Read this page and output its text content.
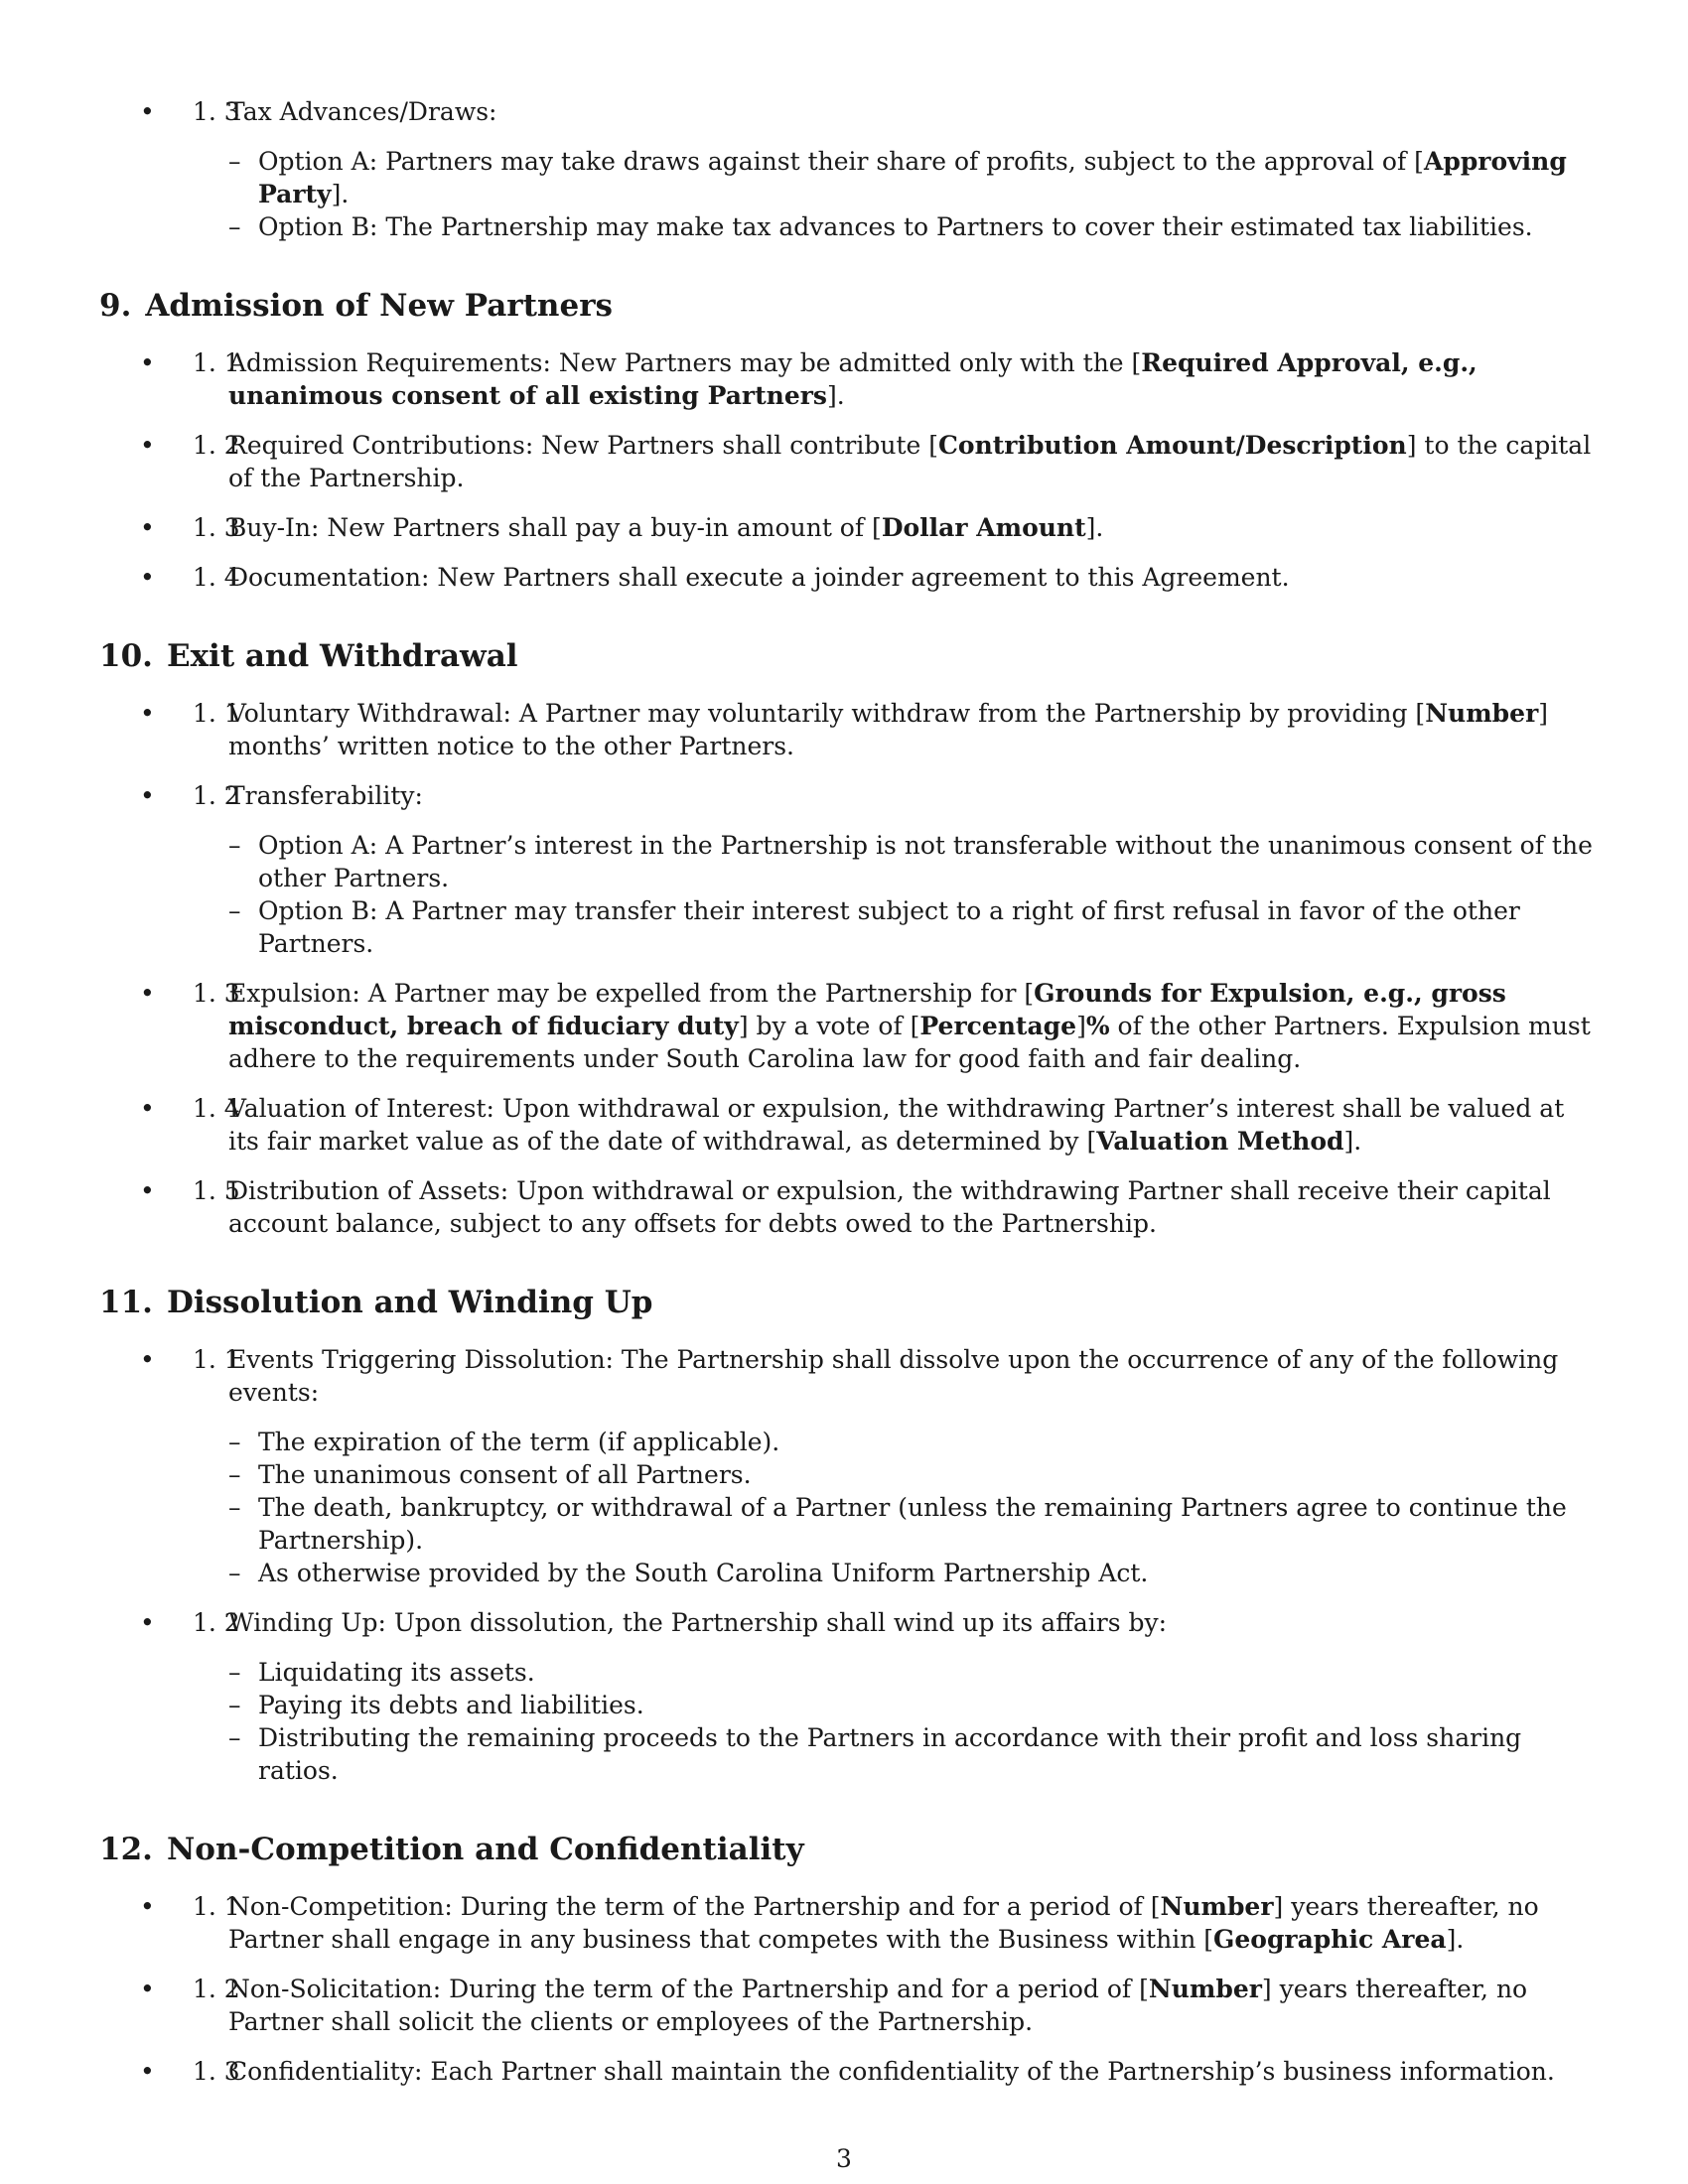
• 1. 3
Tax Advances/Draws:
– Option A: Partners may take draws against their share of profits, subject to the approval of [Approving Party].
– Option B: The Partnership may make tax advances to Partners to cover their estimated tax liabilities.
9. Admission of New Partners
• 1. 1
Admission Requirements: New Partners may be admitted only with the [Required Approval, e.g., unanimous consent of all existing Partners].
• 1. 2
Required Contributions: New Partners shall contribute [Contribution Amount/Description] to the capital of the Partnership.
• 1. 3
Buy-In: New Partners shall pay a buy-in amount of [Dollar Amount].
• 1. 4
Documentation: New Partners shall execute a joinder agreement to this Agreement.
10. Exit and Withdrawal
• 1. 1
Voluntary Withdrawal: A Partner may voluntarily withdraw from the Partnership by providing [Number] months’ written notice to the other Partners.
• 1. 2
Transferability:
– Option A: A Partner’s interest in the Partnership is not transferable without the unanimous consent of the other Partners.
– Option B: A Partner may transfer their interest subject to a right of first refusal in favor of the other Partners.
• 1. 3
Expulsion: A Partner may be expelled from the Partnership for [Grounds for Expulsion, e.g., gross misconduct, breach of fiduciary duty] by a vote of [Percentage]% of the other Partners. Expulsion must adhere to the requirements under South Carolina law for good faith and fair dealing.
• 1. 4
Valuation of Interest: Upon withdrawal or expulsion, the withdrawing Partner’s interest shall be valued at its fair market value as of the date of withdrawal, as determined by [Valuation Method].
• 1. 5
Distribution of Assets: Upon withdrawal or expulsion, the withdrawing Partner shall receive their capital account balance, subject to any offsets for debts owed to the Partnership.
11. Dissolution and Winding Up
• 1. 1
Events Triggering Dissolution: The Partnership shall dissolve upon the occurrence of any of the following events:
– The expiration of the term (if applicable).
– The unanimous consent of all Partners.
– The death, bankruptcy, or withdrawal of a Partner (unless the remaining Partners agree to continue the Partnership).
– As otherwise provided by the South Carolina Uniform Partnership Act.
• 1. 2
Winding Up: Upon dissolution, the Partnership shall wind up its affairs by:
– Liquidating its assets.
– Paying its debts and liabilities.
– Distributing the remaining proceeds to the Partners in accordance with their profit and loss sharing ratios.
12. Non-Competition and Confidentiality
• 1. 1
Non-Competition: During the term of the Partnership and for a period of [Number] years thereafter, no Partner shall engage in any business that competes with the Business within [Geographic Area].
• 1. 2
Non-Solicitation: During the term of the Partnership and for a period of [Number] years thereafter, no Partner shall solicit the clients or employees of the Partnership.
• 1. 3
Confidentiality: Each Partner shall maintain the confidentiality of the Partnership’s business information.
3
